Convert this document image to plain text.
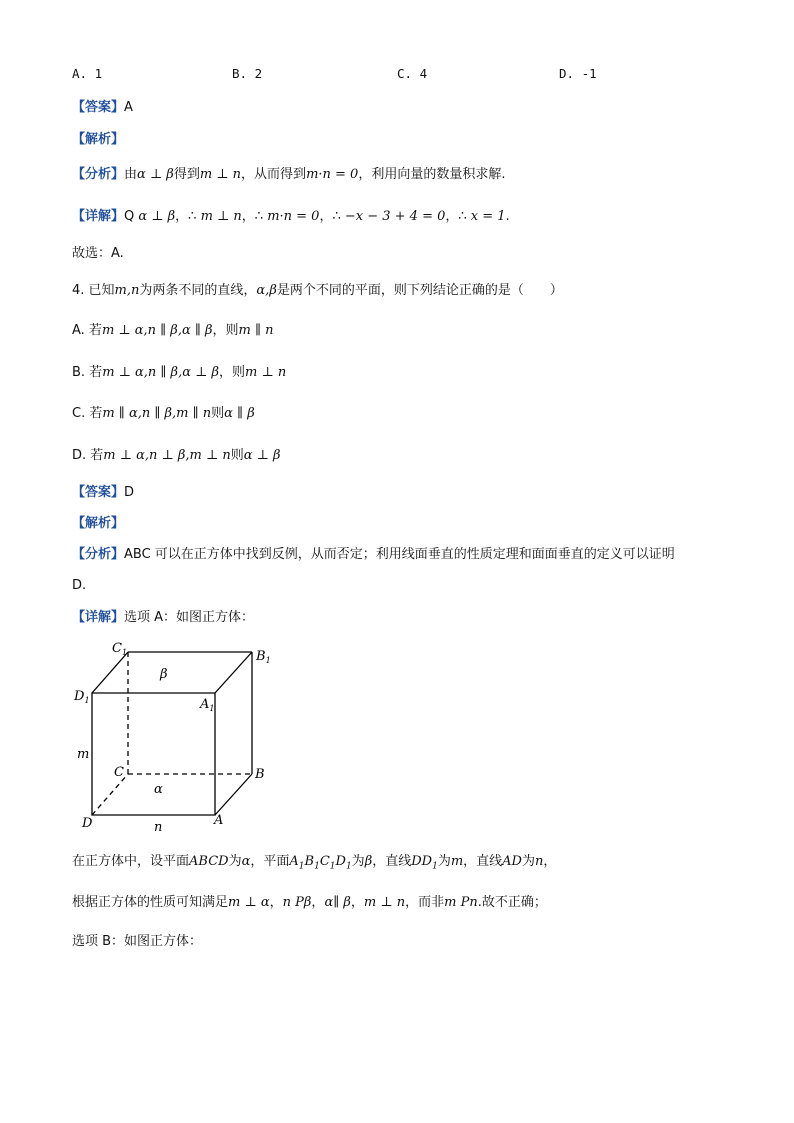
A. 1	B. 2	C. 4	D. -1
【答案】A
【解析】
【分析】由α ⊥ β得到m ⊥ n，从而得到m·n = 0，利用向量的数量积求解.
【详解】Q α ⊥ β，∴ m ⊥ n，∴ m·n = 0，∴ −x − 3 + 4 = 0，∴ x = 1.
故选：A.
4. 已知m,n为两条不同的直线，α,β是两个不同的平面，则下列结论正确的是（　　）
A. 若m ⊥ α,n ∥ β,α ∥ β，则m ∥ n
B. 若m ⊥ α,n ∥ β,α ⊥ β，则m ⊥ n
C. 若m ∥ α,n ∥ β,m ∥ n则α ∥ β
D. 若m ⊥ α,n ⊥ β,m ⊥ n则α ⊥ β
【答案】D
【解析】
【分析】ABC 可以在正方体中找到反例，从而否定；利用线面垂直的性质定理和面面垂直的定义可以证明
D.
【详解】选项 A：如图正方体：
$C_1$	$B_1$
$D_1$	$A_1$
β
m
C	B
α
D	A
n
在正方体中，设平面ABCD为α，平面$A_1B_1C_1D_1$为β，直线$DD_1$为m，直线AD为n，
根据正方体的性质可知满足m ⊥ α，n Pβ，α∥ β，m ⊥ n，而非m Pn.故不正确；
选项 B：如图正方体：
